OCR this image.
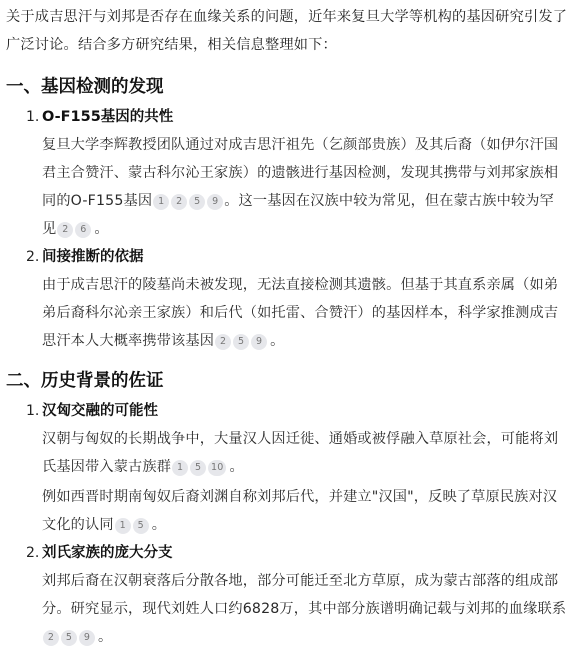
关于成吉思汗与刘邦是否存在血缘关系的问题，近年来复旦大学等机构的基因研究引发了广泛讨论。结合多方研究结果，相关信息整理如下：

一、基因检测的发现
1. O-F155基因的共性
复旦大学李辉教授团队通过对成吉思汗祖先（乞颜部贵族）及其后裔（如伊尔汗国君主合赞汗、蒙古科尔沁王家族）的遗骸进行基因检测，发现其携带与刘邦家族相同的O-F155基因 1 2 5 9 。这一基因在汉族中较为常见，但在蒙古族中较为罕见 2 6 。
2. 间接推断的依据
由于成吉思汗的陵墓尚未被发现，无法直接检测其遗骸。但基于其直系亲属（如弟弟后裔科尔沁亲王家族）和后代（如托雷、合赞汗）的基因样本，科学家推测成吉思汗本人大概率携带该基因 2 5 9 。
二、历史背景的佐证
1. 汉匈交融的可能性
汉朝与匈奴的长期战争中，大量汉人因迁徙、通婚或被俘融入草原社会，可能将刘氏基因带入蒙古族群 1 5 10 。
例如西晋时期南匈奴后裔刘渊自称刘邦后代，并建立"汉国"，反映了草原民族对汉文化的认同 1 5 。
2. 刘氏家族的庞大分支
刘邦后裔在汉朝衰落后分散各地，部分可能迁至北方草原，成为蒙古部落的组成部分。研究显示，现代刘姓人口约6828万，其中部分族谱明确记载与刘邦的血缘联系2 5 9 。
